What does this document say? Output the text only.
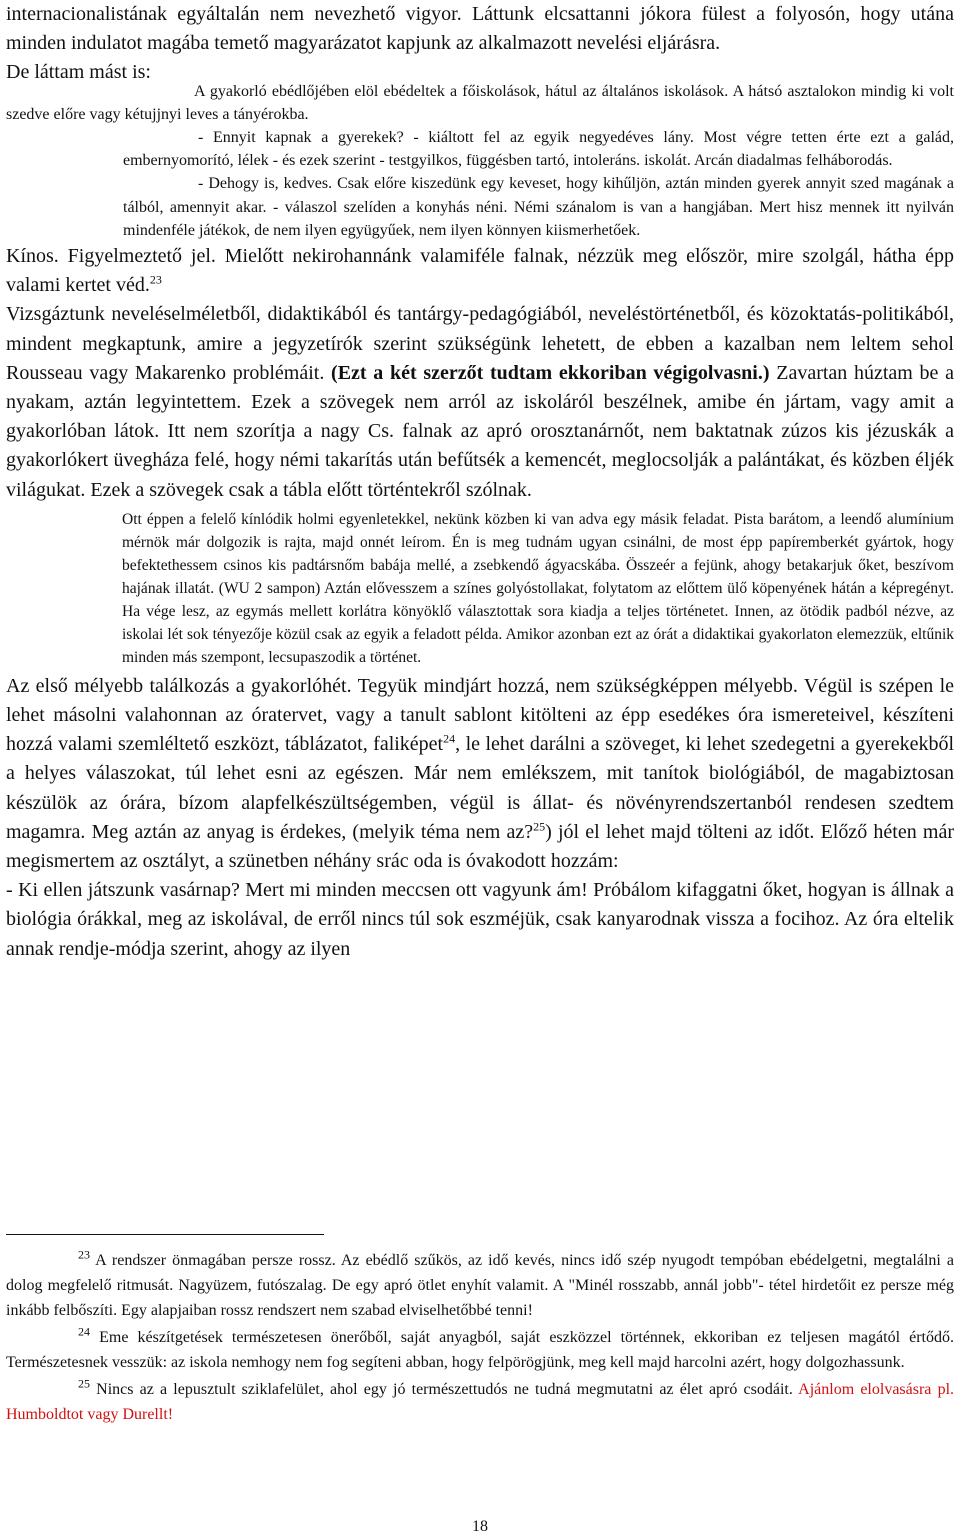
internacionalistának egyáltalán nem nevezhető vigyor. Láttunk elcsattanni jókora fülest a folyosón, hogy utána minden indulatot magába temető magyarázatot kapjunk az alkalmazott nevelési eljárásra.

De láttam mást is:

A gyakorló ebédlőjében elöl ebédeltek a főiskolások, hátul az általános iskolások. A hátsó asztalokon mindig ki volt szedve előre vagy kétujjnyi leves a tányérokba.

- Ennyit kapnak a gyerekek? - kiáltott fel az egyik negyedéves lány. Most végre tetten érte ezt a galád, embernyomorító, lélek - és ezek szerint - testgyilkos, függésben tartó, intoleráns. iskolát. Arcán diadalmas felháborodás.

- Dehogy is, kedves. Csak előre kiszedünk egy keveset, hogy kihűljön, aztán minden gyerek annyit szed magának a tálból, amennyit akar. - válaszol szelíden a konyhás néni. Némi szánalom is van a hangjában. Mert hisz mennek itt nyilván mindenféle játékok, de nem ilyen együgyűek, nem ilyen könnyen kiismerhetőek.

Kínos. Figyelmeztető jel. Mielőtt nekirohannánk valamiféle falnak, nézzük meg először, mire szolgál, hátha épp valami kertet véd.$^{23}$

Vizsgáztunk neveléselméletből, didaktikából és tantárgy-pedagógiából, neveléstörténetből, és közoktatás-politikából, mindent megkaptunk, amire a jegyzetírók szerint szükségünk lehetett, de ebben a kazalban nem leltem sehol Rousseau vagy Makarenko problémáit. (Ezt a két szerzőt tudtam ekkoriban végigolvasni.) Zavartan húztam be a nyakam, aztán legyintettem. Ezek a szövegek nem arról az iskoláról beszélnek, amibe én jártam, vagy amit a gyakorlóban látok. Itt nem szorítja a nagy Cs. falnak az apró orosztanárnőt, nem baktatnak zúzos kis jézuskák a gyakorlókert üvegháza felé, hogy némi takarítás után befűtsék a kemencét, meglocsolják a palántákat, és közben éljék világukat. Ezek a szövegek csak a tábla előtt történtekről szólnak.

Ott éppen a felelő kínlódik holmi egyenletekkel, nekünk közben ki van adva egy másik feladat. Pista barátom, a leendő alumínium mérnök már dolgozik is rajta, majd onnét leírom. Én is meg tudnám ugyan csinálni, de most épp papíremberkét gyártok, hogy befektethessem csinos kis padtársnőm babája mellé, a zsebkendő ágyacskába. Összeér a fejünk, ahogy betakarjuk őket, beszívom hajának illatát. (WU 2 sampon) Aztán elővesszem a színes golyóstollakat, folytatom az előttem ülő köpenyének hátán a képregényt. Ha vége lesz, az egymás mellett korlátra könyöklő választottak sora kiadja a teljes történetet. Innen, az ötödik padból nézve, az iskolai lét sok tényezője közül csak az egyik a feladott példa. Amikor azonban ezt az órát a didaktikai gyakorlaton elemezzük, eltűnik minden más szempont, lecsupaszodik a történet.

Az első mélyebb találkozás a gyakorlóhét. Tegyük mindjárt hozzá, nem szükségképpen mélyebb. Végül is szépen le lehet másolni valahonnan az óratervet, vagy a tanult sablont kitölteni az épp esedékes óra ismereteivel, készíteni hozzá valami szemléltető eszközt, táblázatot, faliképet$^{24}$, le lehet darálni a szöveget, ki lehet szedegetni a gyerekekből a helyes válaszokat, túl lehet esni az egészen. Már nem emlékszem, mit tanítok biológiából, de magabiztosan készülök az órára, bízom alapfelkészültségemben, végül is állat- és növényrendszertanból rendesen szedtem magamra. Meg aztán az anyag is érdekes, (melyik téma nem az?$^{25}$) jól el lehet majd tölteni az időt. Előző héten már megismertem az osztályt, a szünetben néhány srác oda is óvakodott hozzám:

- Ki ellen játszunk vasárnap? Mert mi minden meccsen ott vagyunk ám! Próbálom kifaggatni őket, hogyan is állnak a biológia órákkal, meg az iskolával, de erről nincs túl sok eszméjük, csak kanyarodnak vissza a focihoz. Az óra eltelik annak rendje-módja szerint, ahogy az ilyen

$^{23}$ A rendszer önmagában persze rossz. Az ebédlő szűkös, az idő kevés, nincs idő szép nyugodt tempóban ebédelgetni, megtalálni a dolog megfelelő ritmusát. Nagyüzem, futószalag. De egy apró ötlet enyhít valamit. A "Minél rosszabb, annál jobb"- tétel hirdetőit ez persze még inkább felbőszíti. Egy alapjaiban rossz rendszert nem szabad elviselhetőbbé tenni!

$^{24}$ Eme készítgetések természetesen önerőből, saját anyagból, saját eszközzel történnek, ekkoriban ez teljesen magától értődő. Természetesnek vesszük: az iskola nemhogy nem fog segíteni abban, hogy felpörögjünk, meg kell majd harcolni azért, hogy dolgozhassunk.

$^{25}$ Nincs az a lepusztult sziklafelület, ahol egy jó természettudós ne tudná megmutatni az élet apró csodáit. Ajánlom elolvasásra pl. Humboldtot vagy Durellt!

18
